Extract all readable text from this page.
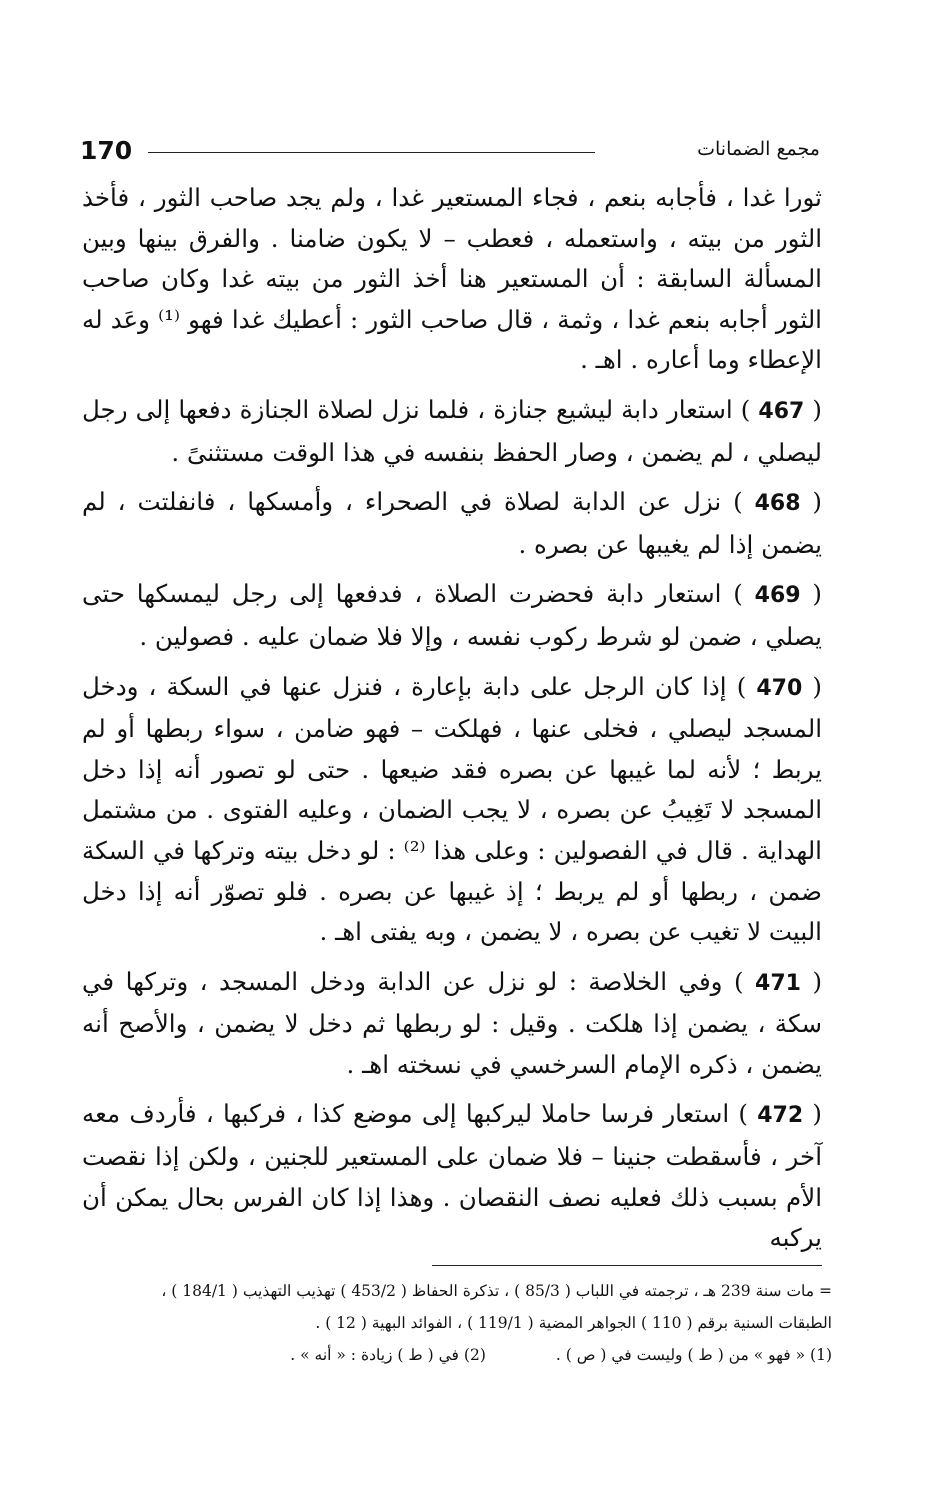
170	مجمع الضمانات

ثورا غدا ، فأجابه بنعم ، فجاء المستعير غدا ، ولم يجد صاحب الثور ، فأخذ الثور من بيته ، واستعمله ، فعطب – لا يكون ضامنا . والفرق بينها وبين المسألة السابقة : أن المستعير هنا أخذ الثور من بيته غدا وكان صاحب الثور أجابه بنعم غدا ، وثمة ، قال صاحب الثور : أعطيك غدا فهو ⁽¹⁾ وعَد له الإعطاء وما أعاره . اهـ .

( 467 ) استعار دابة ليشيع جنازة ، فلما نزل لصلاة الجنازة دفعها إلى رجل ليصلي ، لم يضمن ، وصار الحفظ بنفسه في هذا الوقت مستثنىً .

( 468 ) نزل عن الدابة لصلاة في الصحراء ، وأمسكها ، فانفلتت ، لم يضمن إذا لم يغيبها عن بصره .

( 469 ) استعار دابة فحضرت الصلاة ، فدفعها إلى رجل ليمسكها حتى يصلي ، ضمن لو شرط ركوب نفسه ، وإلا فلا ضمان عليه . فصولين .

( 470 ) إذا كان الرجل على دابة بإعارة ، فنزل عنها في السكة ، ودخل المسجد ليصلي ، فخلى عنها ، فهلكت – فهو ضامن ، سواء ربطها أو لم يربط ؛ لأنه لما غيبها عن بصره فقد ضيعها . حتى لو تصور أنه إذا دخل المسجد لا تَغِيبُ عن بصره ، لا يجب الضمان ، وعليه الفتوى . من مشتمل الهداية . قال في الفصولين : وعلى هذا ⁽²⁾ : لو دخل بيته وتركها في السكة ضمن ، ربطها أو لم يربط ؛ إذ غيبها عن بصره . فلو تصوّر أنه إذا دخل البيت لا تغيب عن بصره ، لا يضمن ، وبه يفتى اهـ .

( 471 ) وفي الخلاصة : لو نزل عن الدابة ودخل المسجد ، وتركها في سكة ، يضمن إذا هلكت . وقيل : لو ربطها ثم دخل لا يضمن ، والأصح أنه يضمن ، ذكره الإمام السرخسي في نسخته اهـ .

( 472 ) استعار فرسا حاملا ليركبها إلى موضع كذا ، فركبها ، فأردف معه آخر ، فأسقطت جنينا – فلا ضمان على المستعير للجنين ، ولكن إذا نقصت الأم بسبب ذلك فعليه نصف النقصان . وهذا إذا كان الفرس بحال يمكن أن يركبه

= مات سنة 239 هـ ، ترجمته في اللباب ( 85/3 ) ، تذكرة الحفاظ ( 453/2 ) تهذيب التهذيب ( 184/1 ) ،

الطبقات السنية برقم ( 110 ) الجواهر المضية ( 119/1 ) ، الفوائد البهية ( 12 ) .

(1) « فهو » من ( ط ) وليست في ( ص ) .
(2) في ( ط ) زيادة : « أنه » .
